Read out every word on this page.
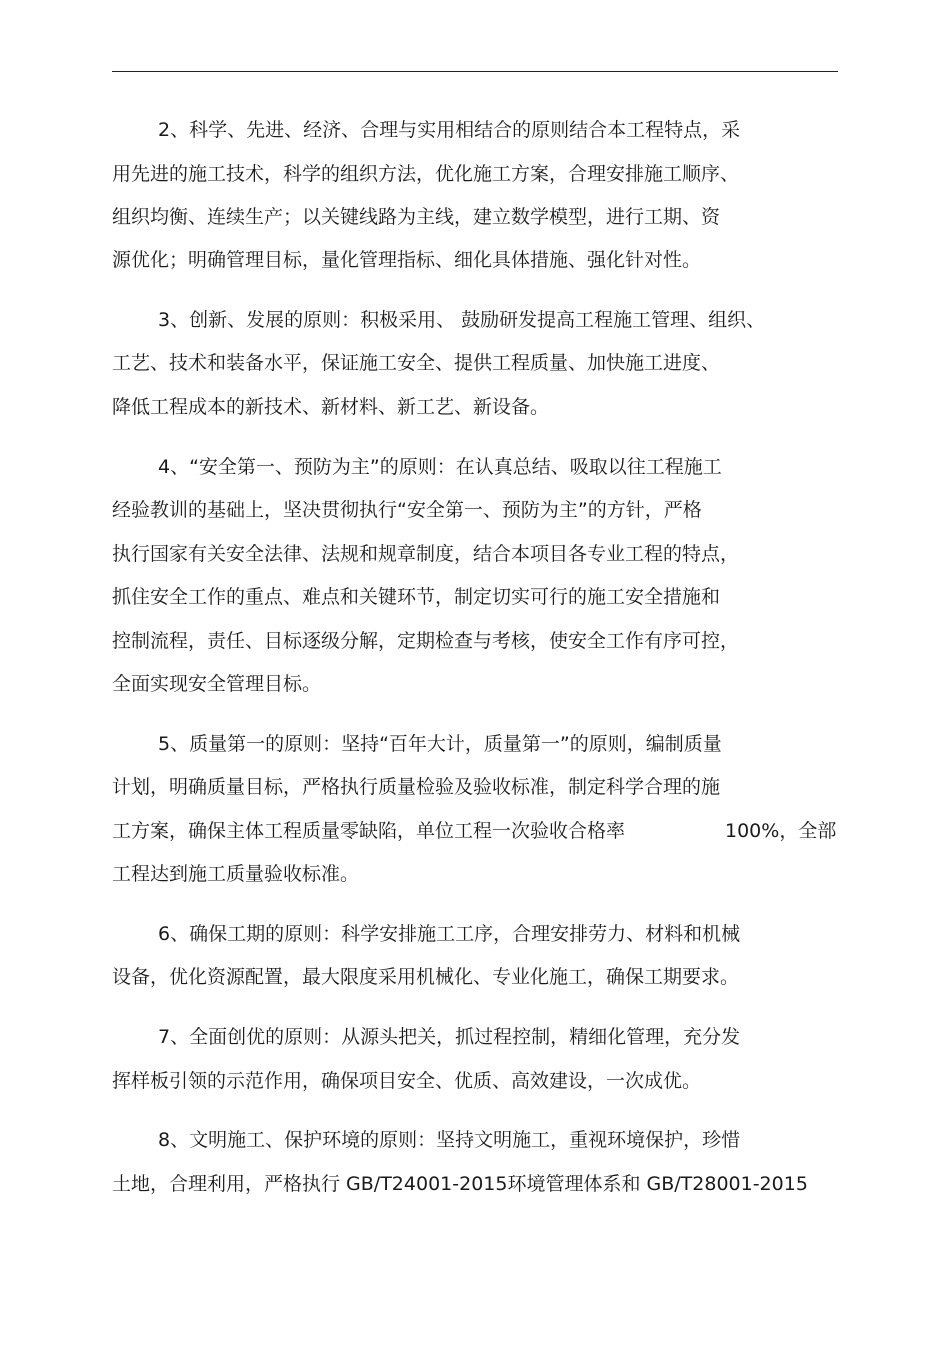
2、科学、先进、经济、合理与实用相结合的原则结合本工程特点，采
用先进的施工技术，科学的组织方法，优化施工方案，合理安排施工顺序、
组织均衡、连续生产；以关键线路为主线，建立数学模型，进行工期、资
源优化；明确管理目标，量化管理指标、细化具体措施、强化针对性。
3、创新、发展的原则：积极采用、 鼓励研发提高工程施工管理、组织、
工艺、技术和装备水平，保证施工安全、提供工程质量、加快施工进度、
降低工程成本的新技术、新材料、新工艺、新设备。
4、“安全第一、预防为主”的原则：在认真总结、吸取以往工程施工
经验教训的基础上，坚决贯彻执行“安全第一、预防为主”的方针，严格
执行国家有关安全法律、法规和规章制度，结合本项目各专业工程的特点，
抓住安全工作的重点、难点和关键环节，制定切实可行的施工安全措施和
控制流程，责任、目标逐级分解，定期检查与考核，使安全工作有序可控，
全面实现安全管理目标。
5、质量第一的原则：坚持“百年大计，质量第一”的原则，编制质量
计划，明确质量目标，严格执行质量检验及验收标准，制定科学合理的施
工方案，确保主体工程质量零缺陷，单位工程一次验收合格率	100%，全部
工程达到施工质量验收标准。
6、确保工期的原则：科学安排施工工序，合理安排劳力、材料和机械
设备，优化资源配置，最大限度采用机械化、专业化施工，确保工期要求。
7、全面创优的原则：从源头把关，抓过程控制，精细化管理，充分发
挥样板引领的示范作用，确保项目安全、优质、高效建设，一次成优。
8、文明施工、保护环境的原则：坚持文明施工，重视环境保护，珍惜
土地，合理利用，严格执行 GB/T24001-2015环境管理体系和 GB/T28001-2015
